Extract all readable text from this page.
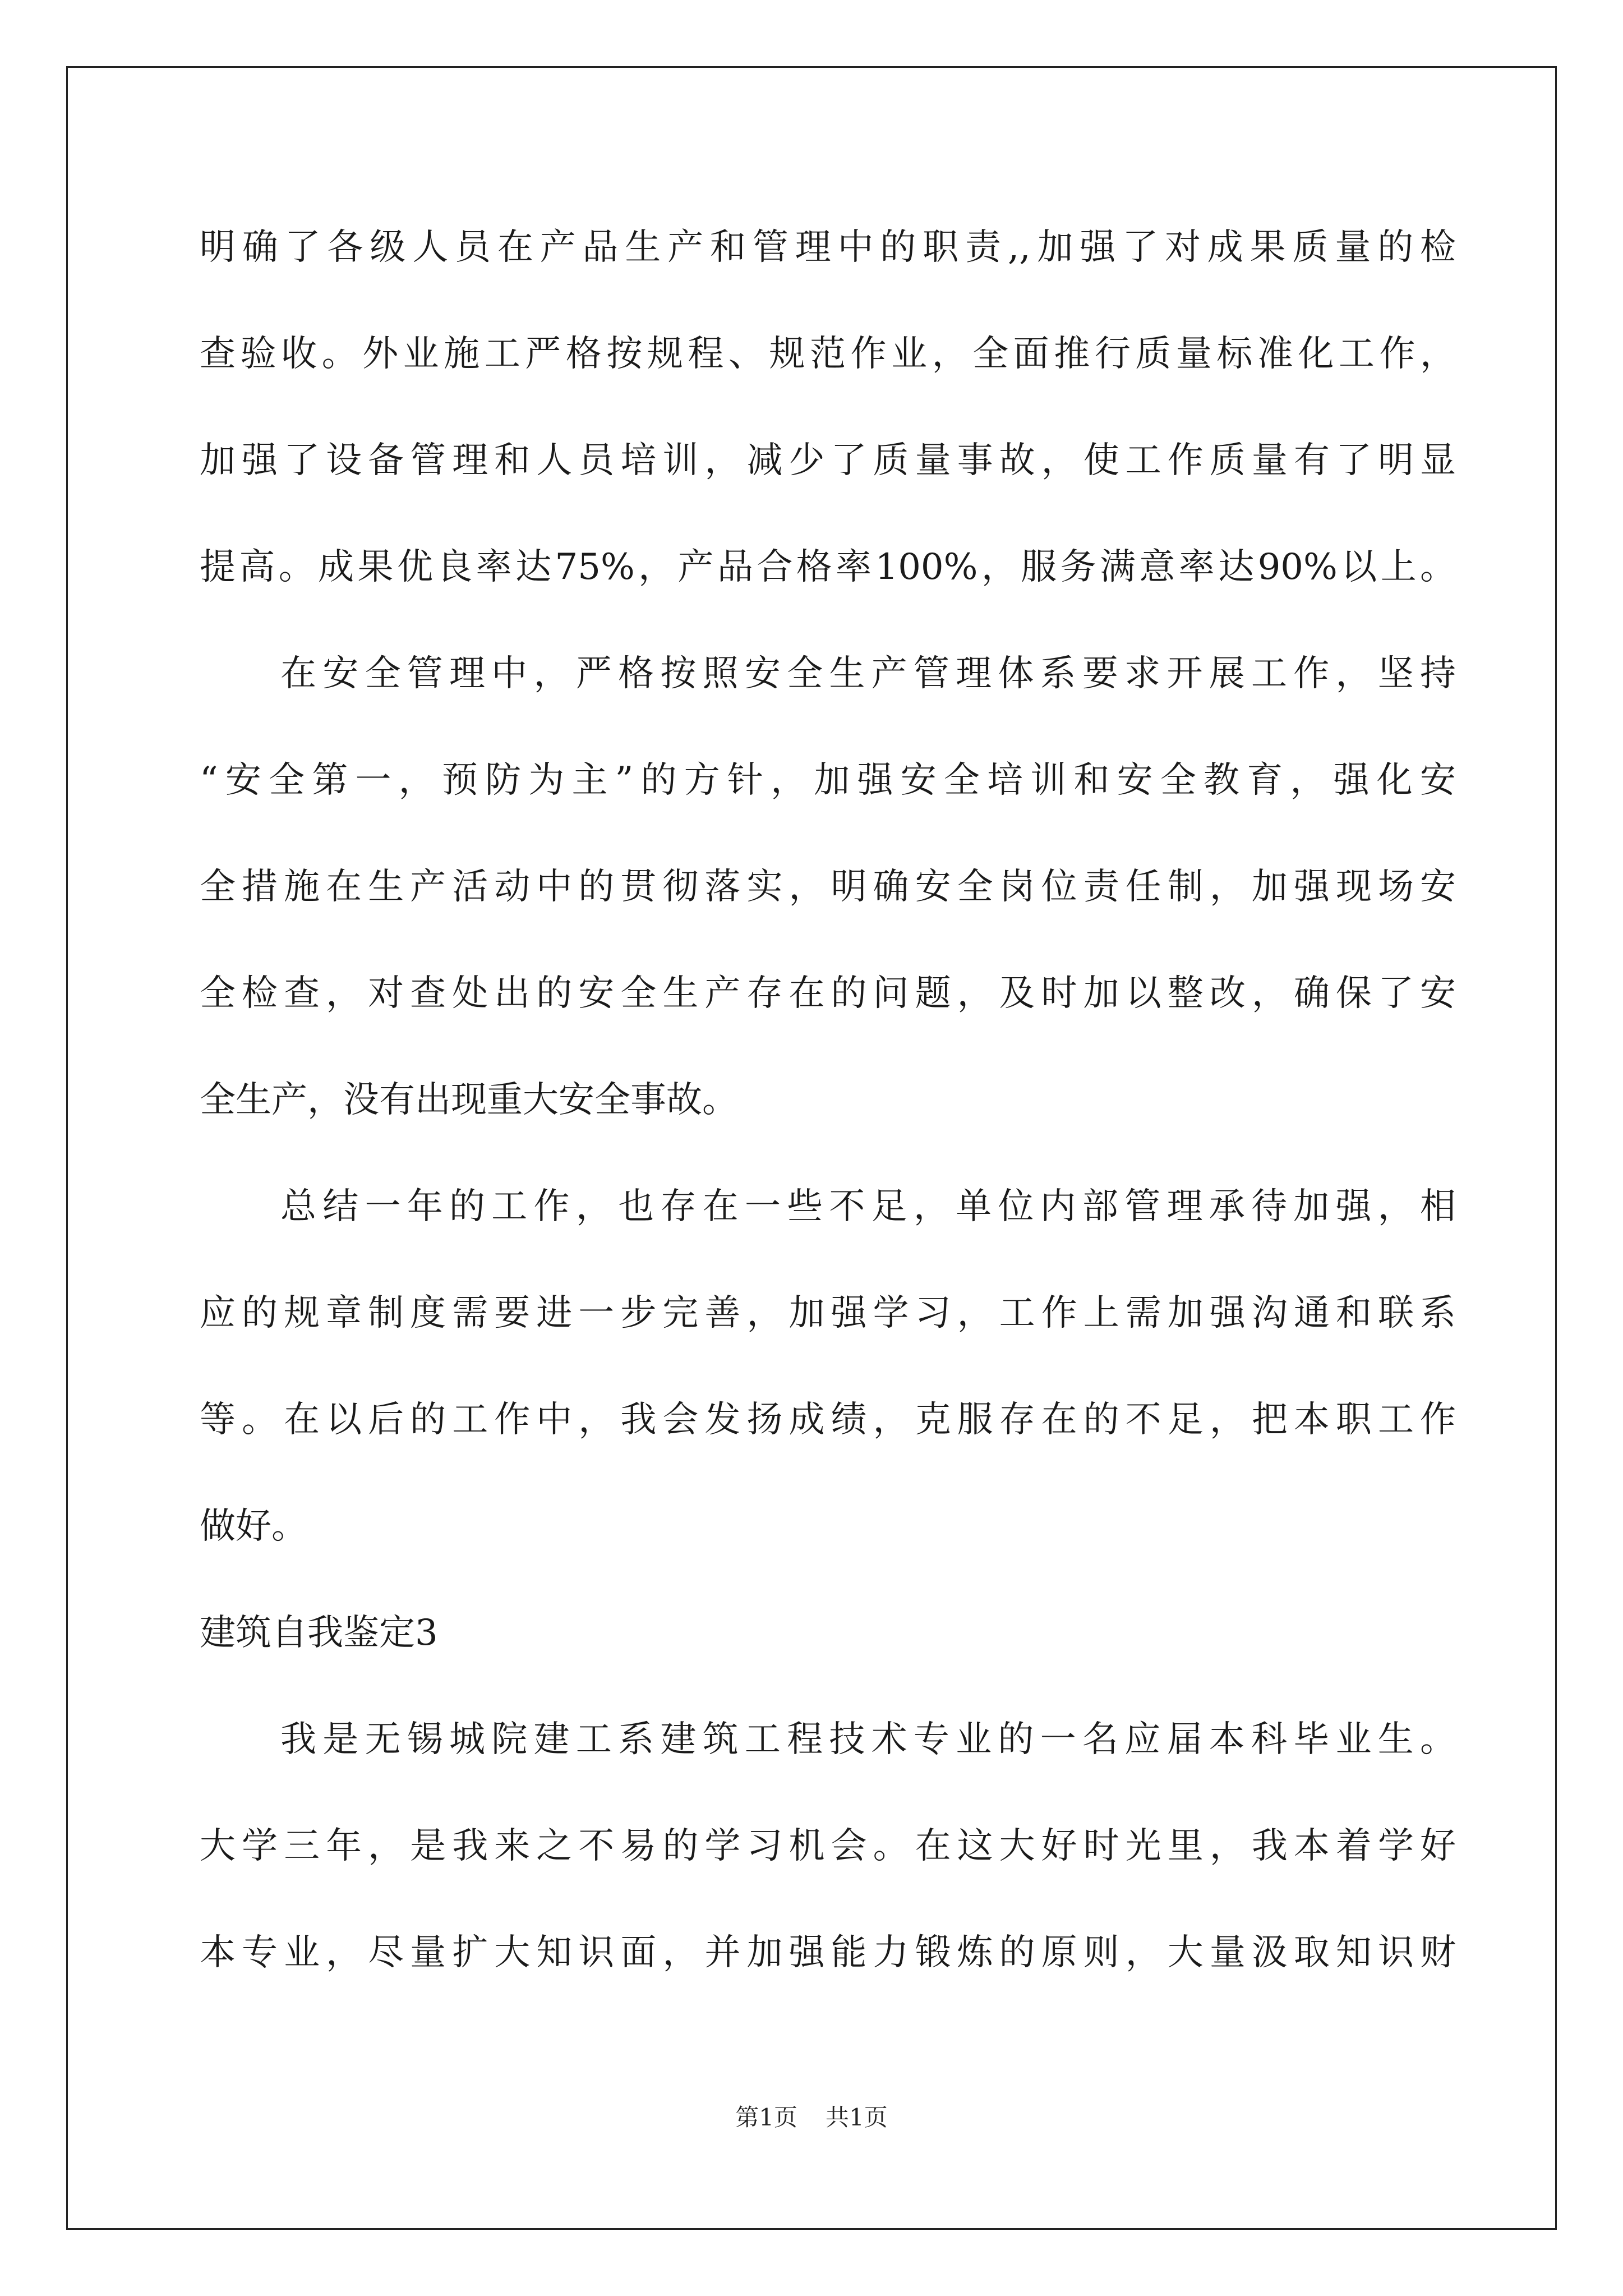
明确了各级人员在产品生产和管理中的职责,,加强了对成果质量的检
查验收。外业施工严格按规程、规范作业，全面推行质量标准化工作，
加强了设备管理和人员培训，减少了质量事故，使工作质量有了明显
提高。成果优良率达75%，产品合格率100%，服务满意率达90%以上。
在安全管理中，严格按照安全生产管理体系要求开展工作，坚持
“安全第一，预防为主”的方针，加强安全培训和安全教育，强化安
全措施在生产活动中的贯彻落实，明确安全岗位责任制，加强现场安
全检查，对查处出的安全生产存在的问题，及时加以整改，确保了安
全生产，没有出现重大安全事故。
总结一年的工作，也存在一些不足，单位内部管理承待加强，相
应的规章制度需要进一步完善，加强学习，工作上需加强沟通和联系
等。在以后的工作中，我会发扬成绩，克服存在的不足，把本职工作
做好。
建筑自我鉴定3
我是无锡城院建工系建筑工程技术专业的一名应届本科毕业生。
大学三年，是我来之不易的学习机会。在这大好时光里，我本着学好
本专业，尽量扩大知识面，并加强能力锻炼的原则，大量汲取知识财
第1页 共1页
